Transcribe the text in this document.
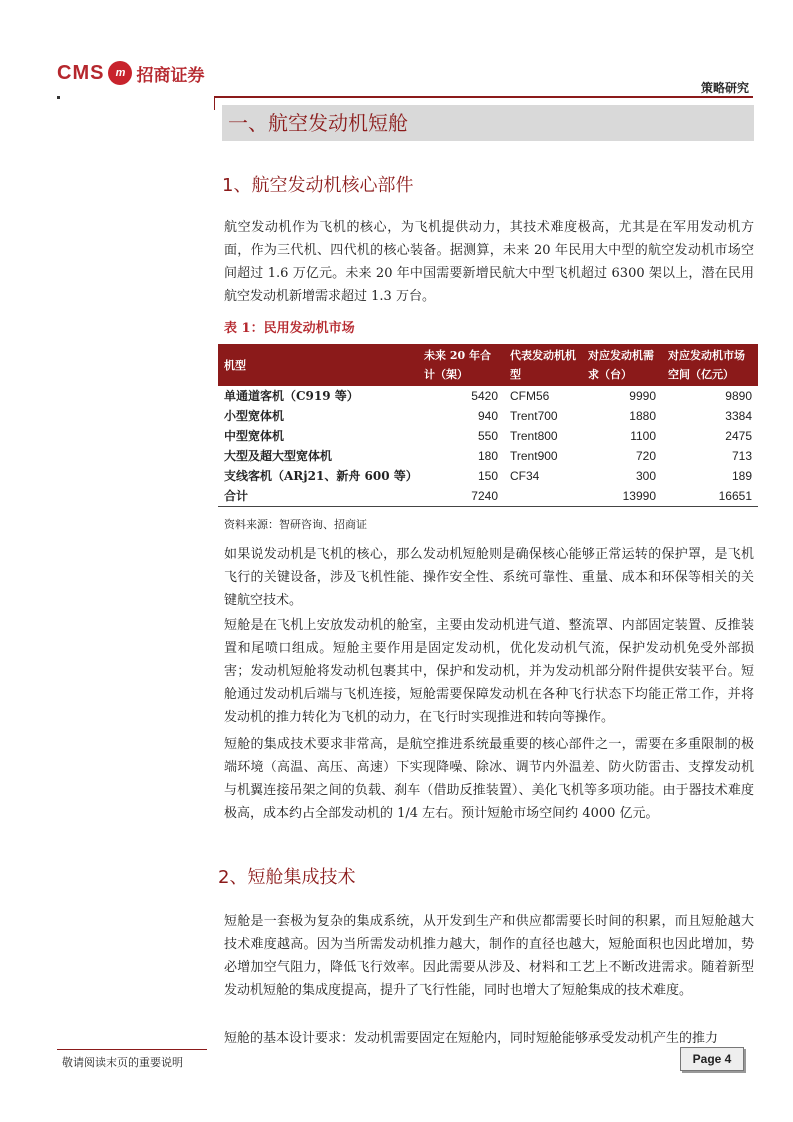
CMS	m 招商证券
策略研究
一、航空发动机短舱
1、航空发动机核心部件
航空发动机作为飞机的核心，为飞机提供动力，其技术难度极高，尤其是在军用发动机方面，作为三代机、四代机的核心装备。据测算，未来 20 年民用大中型的航空发动机市场空间超过 1.6 万亿元。未来 20 年中国需要新增民航大中型飞机超过 6300 架以上，潜在民用航空发动机新增需求超过 1.3 万台。
表 1：民用发动机市场
机型	未来 20 年合计（架）	代表发动机机型	对应发动机需求（台）	对应发动机市场空间（亿元）
单通道客机（C919 等）	5420	CFM56	9990	9890
小型宽体机	940	Trent700	1880	3384
中型宽体机	550	Trent800	1100	2475
大型及超大型宽体机	180	Trent900	720	713
支线客机（ARj21、新舟 600 等）	150	CF34	300	189
合计	7240		13990	16651
资料来源：智研咨询、招商证
如果说发动机是飞机的核心，那么发动机短舱则是确保核心能够正常运转的保护罩，是飞机飞行的关键设备，涉及飞机性能、操作安全性、系统可靠性、重量、成本和环保等相关的关键航空技术。
短舱是在飞机上安放发动机的舱室，主要由发动机进气道、整流罩、内部固定装置、反推装置和尾喷口组成。短舱主要作用是固定发动机，优化发动机气流，保护发动机免受外部损害；发动机短舱将发动机包裹其中，保护和发动机，并为发动机部分附件提供安装平台。短舱通过发动机后端与飞机连接，短舱需要保障发动机在各种飞行状态下均能正常工作，并将发动机的推力转化为飞机的动力，在飞行时实现推进和转向等操作。
短舱的集成技术要求非常高，是航空推进系统最重要的核心部件之一，需要在多重限制的极端环境（高温、高压、高速）下实现降噪、除冰、调节内外温差、防火防雷击、支撑发动机与机翼连接吊架之间的负载、刹车（借助反推装置）、美化飞机等多项功能。由于器技术难度极高，成本约占全部发动机的 1/4 左右。预计短舱市场空间约 4000 亿元。
2、短舱集成技术
短舱是一套极为复杂的集成系统，从开发到生产和供应都需要长时间的积累，而且短舱越大技术难度越高。因为当所需发动机推力越大，制作的直径也越大，短舱面积也因此增加，势必增加空气阻力，降低飞行效率。因此需要从涉及、材料和工艺上不断改进需求。随着新型发动机短舱的集成度提高，提升了飞行性能，同时也增大了短舱集成的技术难度。
短舱的基本设计要求：发动机需要固定在短舱内，同时短舱能够承受发动机产生的推力
敬请阅读末页的重要说明	Page 4
